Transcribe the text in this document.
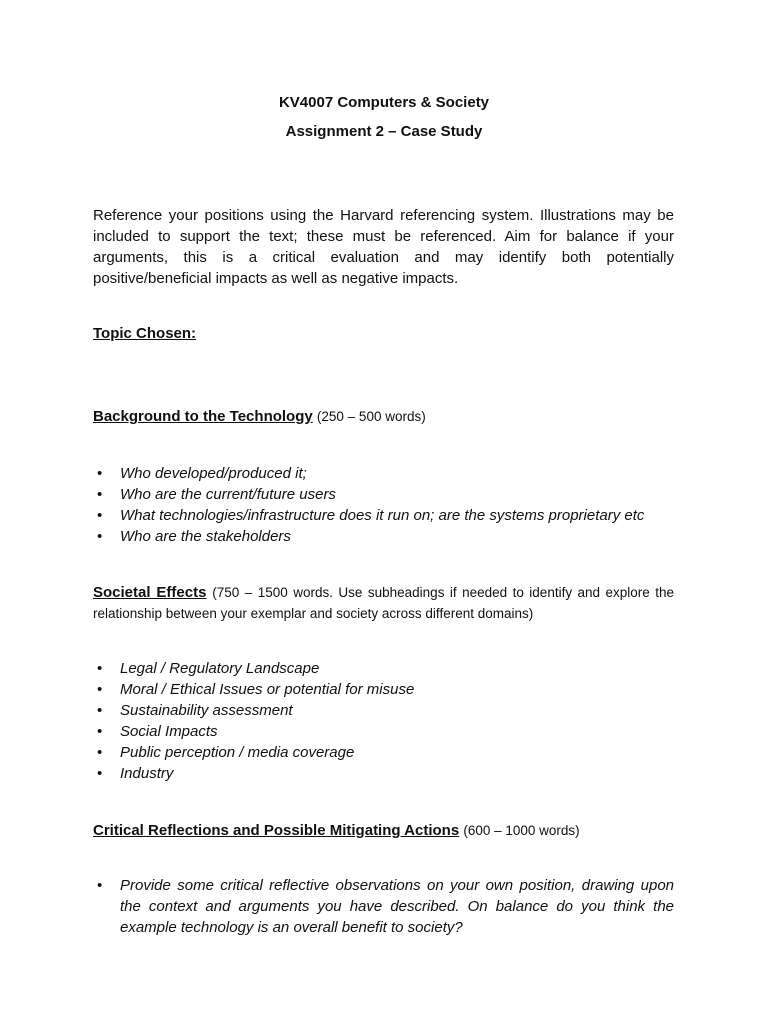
KV4007 Computers & Society
Assignment 2 – Case Study

Reference your positions using the Harvard referencing system. Illustrations may be included to support the text; these must be referenced. Aim for balance if your arguments, this is a critical evaluation and may identify both potentially positive/beneficial impacts as well as negative impacts.

Topic Chosen:
Background to the Technology (250 – 500 words)
• Who developed/produced it;
• Who are the current/future users
• What technologies/infrastructure does it run on; are the systems proprietary etc
• Who are the stakeholders
Societal Effects (750 – 1500 words. Use subheadings if needed to identify and explore the relationship between your exemplar and society across different domains)
• Legal / Regulatory Landscape
• Moral / Ethical Issues or potential for misuse
• Sustainability assessment
• Social Impacts
• Public perception / media coverage
• Industry
Critical Reflections and Possible Mitigating Actions (600 – 1000 words)
• Provide some critical reflective observations on your own position, drawing upon the context and arguments you have described. On balance do you think the example technology is an overall benefit to society?
